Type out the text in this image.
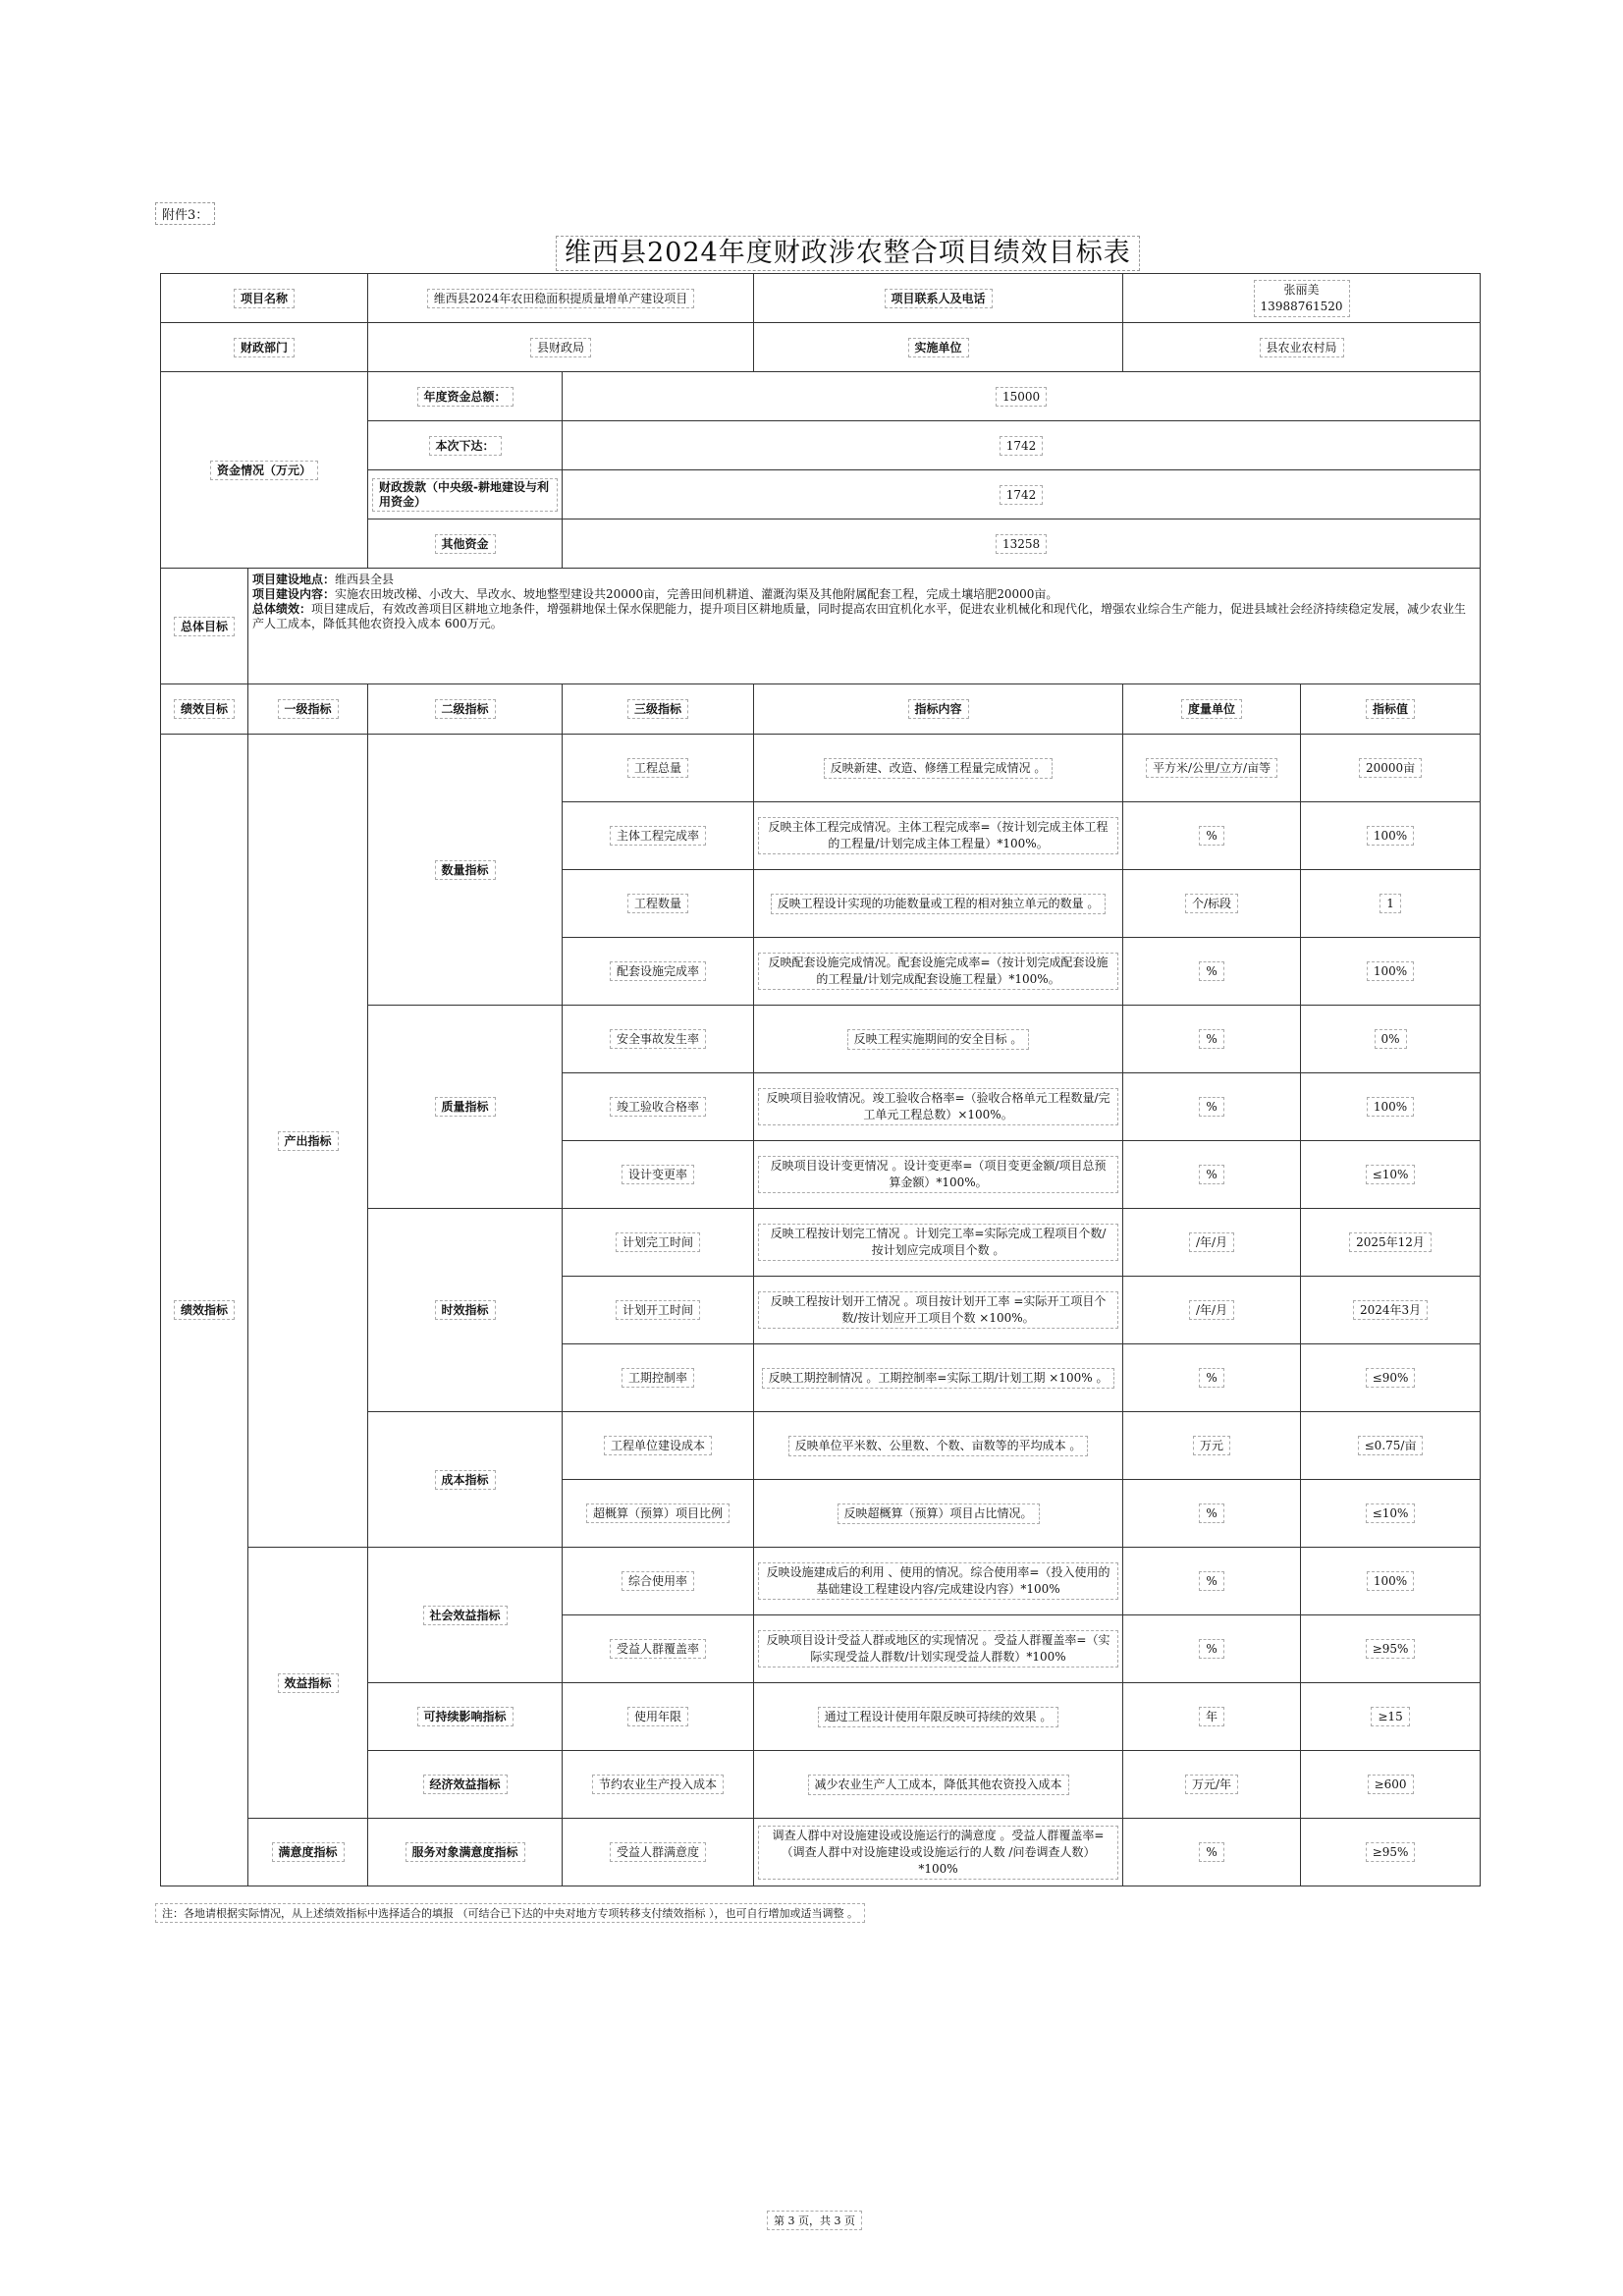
附件3：
维西县2024年度财政涉农整合项目绩效目标表
项目名称		维西县2024年农田稳面积提质量增单产建设项目		项目联系人及电话	张丽美
13988761520	
财政部门		县财政局		实施单位	县农业农村局	
资金情况（万元）		年度资金总额：	15000			
		本次下达：	1742			
		财政拨款（中央级-耕地建设与利用资金）	1742			
		其他资金	13258			
总体目标	项目建设地点：维西县全县
项目建设内容：实施农田坡改梯、小改大、旱改水、坡地整型建设共20000亩，完善田间机耕道、灌溉沟渠及其他附属配套工程，完成土壤培肥20000亩。
总体绩效：项目建成后，有效改善项目区耕地立地条件，增强耕地保土保水保肥能力，提升项目区耕地质量，同时提高农田宜机化水平，促进农业机械化和现代化，增强农业综合生产能力，促进县域社会经济持续稳定发展，减少农业生产人工成本，降低其他农资投入成本 600万元。					

绩效目标	一级指标	二级指标	三级指标	指标内容	度量单位	指标值
绩效指标	产出指标	数量指标	工程总量	反映新建、改造、修缮工程量完成情况 。	平方米/公里/立方/亩等	20000亩
			主体工程完成率	反映主体工程完成情况。主体工程完成率=（按计划完成主体工程的工程量/计划完成主体工程量）*100%。	%	100%
			工程数量	反映工程设计实现的功能数量或工程的相对独立单元的数量 。	个/标段	1
			配套设施完成率	反映配套设施完成情况。配套设施完成率=（按计划完成配套设施的工程量/计划完成配套设施工程量）*100%。	%	100%
		质量指标	安全事故发生率	反映工程实施期间的安全目标 。	%	0%
			竣工验收合格率	反映项目验收情况。竣工验收合格率=（验收合格单元工程数量/完工单元工程总数）×100%。	%	100%
			设计变更率	反映项目设计变更情况 。设计变更率=（项目变更金额/项目总预算金额）*100%。	%	≤10%
		时效指标	计划完工时间	反映工程按计划完工情况 。计划完工率=实际完成工程项目个数/按计划应完成项目个数 。	/年/月	2025年12月
			计划开工时间	反映工程按计划开工情况 。项目按计划开工率 =实际开工项目个数/按计划应开工项目个数 ×100%。	/年/月	2024年3月
			工期控制率	反映工期控制情况 。工期控制率=实际工期/计划工期 ×100% 。	%	≤90%
		成本指标	工程单位建设成本	反映单位平米数、公里数、个数、亩数等的平均成本 。	万元	≤0.75/亩
			超概算（预算）项目比例	反映超概算（预算）项目占比情况。	%	≤10%
	效益指标	社会效益指标	综合使用率	反映设施建成后的利用 、使用的情况。综合使用率=（投入使用的基础建设工程建设内容/完成建设内容）*100%	%	100%
			受益人群覆盖率	反映项目设计受益人群或地区的实现情况 。受益人群覆盖率=（实际实现受益人群数/计划实现受益人群数）*100%	%	≥95%
		可持续影响指标	使用年限	通过工程设计使用年限反映可持续的效果 。	年	≥15
		经济效益指标	节约农业生产投入成本	减少农业生产人工成本，降低其他农资投入成本	万元/年	≥600
	满意度指标	服务对象满意度指标	受益人群满意度	调查人群中对设施建设或设施运行的满意度 。受益人群覆盖率=（调查人群中对设施建设或设施运行的人数 /问卷调查人数）*100%	%	≥95%
注：各地请根据实际情况，从上述绩效指标中选择适合的填报 （可结合已下达的中央对地方专项转移支付绩效指标 ），也可自行增加或适当调整 。
第 3 页，共 3 页
